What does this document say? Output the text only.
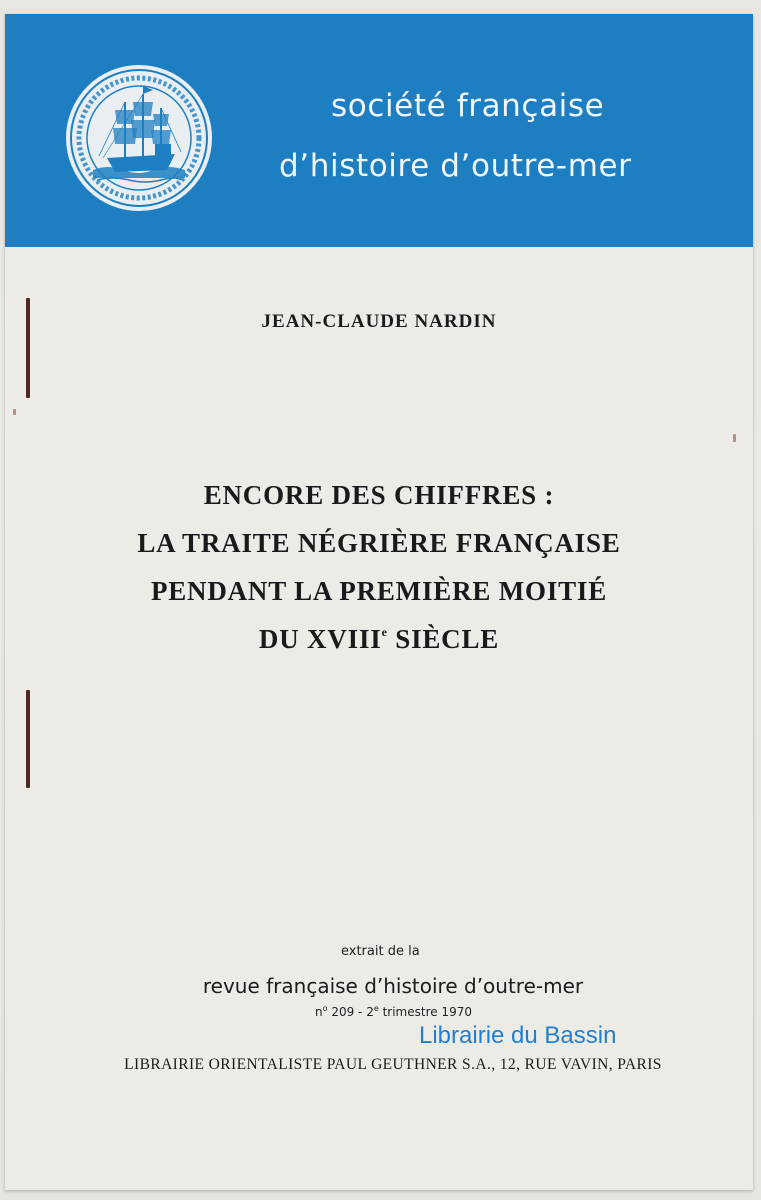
société française
d’histoire d’outre-mer
JEAN-CLAUDE NARDIN
ENCORE DES CHIFFRES :
LA TRAITE NÉGRIÈRE FRANÇAISE
PENDANT LA PREMIÈRE MOITIÉ
DU XVIIIe SIÈCLE
extrait de la
revue française d’histoire d’outre-mer
$n^o$ 209 - 2e trimestre 1970
Librairie du Bassin
LIBRAIRIE ORIENTALISTE PAUL GEUTHNER S.A., 12, RUE VAVIN, PARIS
